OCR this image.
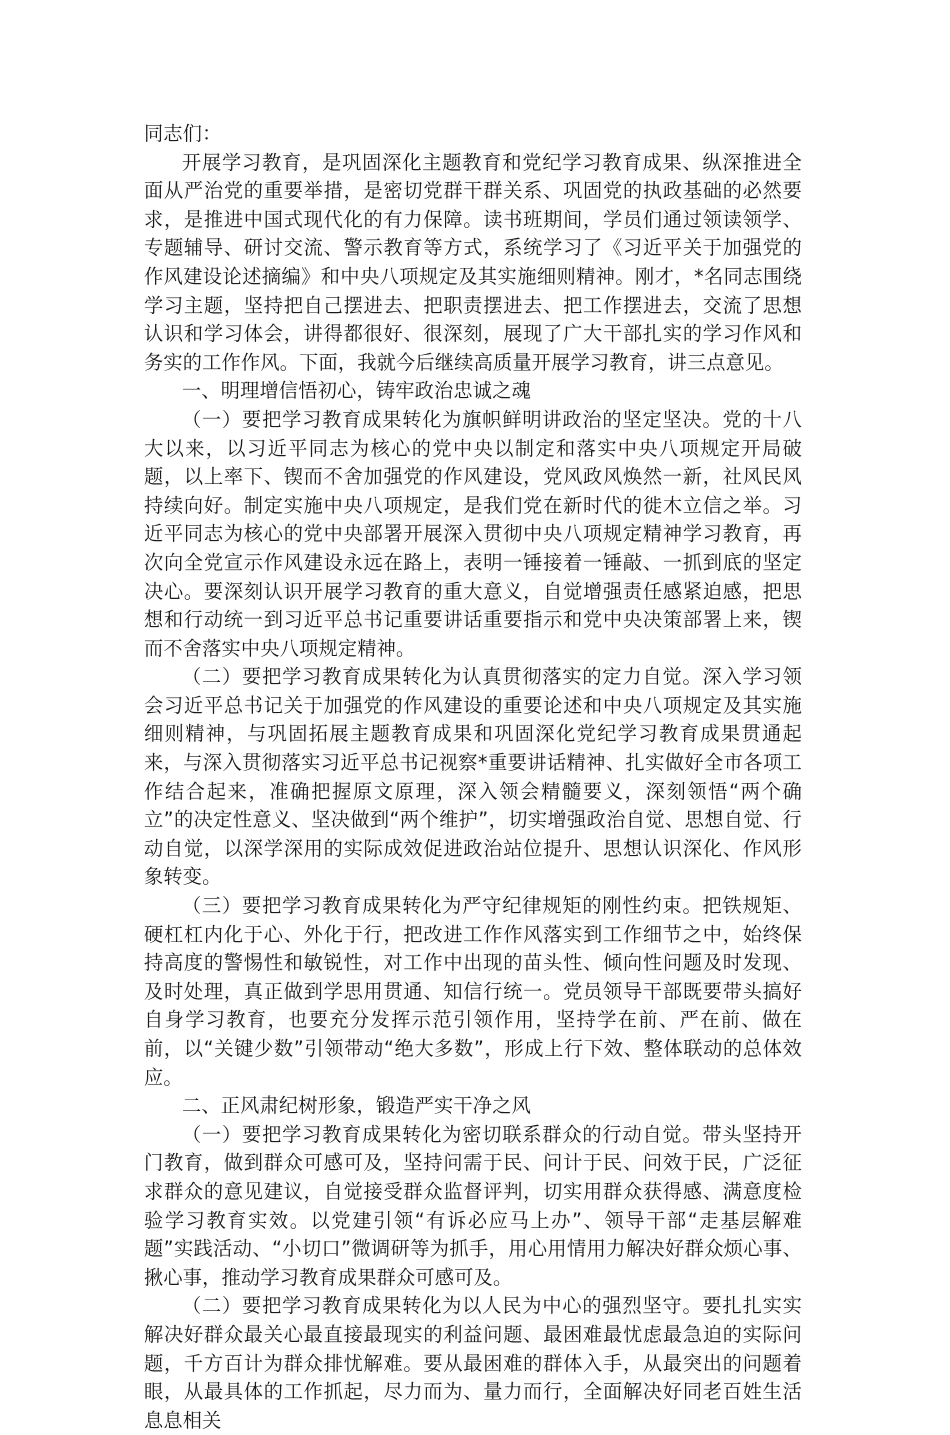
同志们：

开展学习教育，是巩固深化主题教育和党纪学习教育成果、纵深推进全面从严治党的重要举措，是密切党群干群关系、巩固党的执政基础的必然要求，是推进中国式现代化的有力保障。读书班期间，学员们通过领读领学、专题辅导、研讨交流、警示教育等方式，系统学习了《习近平关于加强党的作风建设论述摘编》和中央八项规定及其实施细则精神。刚才，*名同志围绕学习主题，坚持把自己摆进去、把职责摆进去、把工作摆进去，交流了思想认识和学习体会，讲得都很好、很深刻，展现了广大干部扎实的学习作风和务实的工作作风。下面，我就今后继续高质量开展学习教育，讲三点意见。

一、明理增信悟初心，铸牢政治忠诚之魂

（一）要把学习教育成果转化为旗帜鲜明讲政治的坚定坚决。党的十八大以来，以习近平同志为核心的党中央以制定和落实中央八项规定开局破题，以上率下、锲而不舍加强党的作风建设，党风政风焕然一新，社风民风持续向好。制定实施中央八项规定，是我们党在新时代的徙木立信之举。习近平同志为核心的党中央部署开展深入贯彻中央八项规定精神学习教育，再次向全党宣示作风建设永远在路上，表明一锤接着一锤敲、一抓到底的坚定决心。要深刻认识开展学习教育的重大意义，自觉增强责任感紧迫感，把思想和行动统一到习近平总书记重要讲话重要指示和党中央决策部署上来，锲而不舍落实中央八项规定精神。

（二）要把学习教育成果转化为认真贯彻落实的定力自觉。深入学习领会习近平总书记关于加强党的作风建设的重要论述和中央八项规定及其实施细则精神，与巩固拓展主题教育成果和巩固深化党纪学习教育成果贯通起来，与深入贯彻落实习近平总书记视察*重要讲话精神、扎实做好全市各项工作结合起来，准确把握原文原理，深入领会精髓要义，深刻领悟“两个确立”的决定性意义、坚决做到“两个维护”，切实增强政治自觉、思想自觉、行动自觉，以深学深用的实际成效促进政治站位提升、思想认识深化、作风形象转变。

（三）要把学习教育成果转化为严守纪律规矩的刚性约束。把铁规矩、硬杠杠内化于心、外化于行，把改进工作作风落实到工作细节之中，始终保持高度的警惕性和敏锐性，对工作中出现的苗头性、倾向性问题及时发现、及时处理，真正做到学思用贯通、知信行统一。党员领导干部既要带头搞好自身学习教育，也要充分发挥示范引领作用，坚持学在前、严在前、做在前，以“关键少数”引领带动“绝大多数”，形成上行下效、整体联动的总体效应。

二、正风肃纪树形象，锻造严实干净之风

（一）要把学习教育成果转化为密切联系群众的行动自觉。带头坚持开门教育，做到群众可感可及，坚持问需于民、问计于民、问效于民，广泛征求群众的意见建议，自觉接受群众监督评判，切实用群众获得感、满意度检验学习教育实效。以党建引领“有诉必应马上办”、领导干部“走基层解难题”实践活动、“小切口”微调研等为抓手，用心用情用力解决好群众烦心事、揪心事，推动学习教育成果群众可感可及。

（二）要把学习教育成果转化为以人民为中心的强烈坚守。要扎扎实实解决好群众最关心最直接最现实的利益问题、最困难最忧虑最急迫的实际问题，千方百计为群众排忧解难。要从最困难的群体入手，从最突出的问题着眼，从最具体的工作抓起，尽力而为、量力而行，全面解决好同老百姓生活息息相关
